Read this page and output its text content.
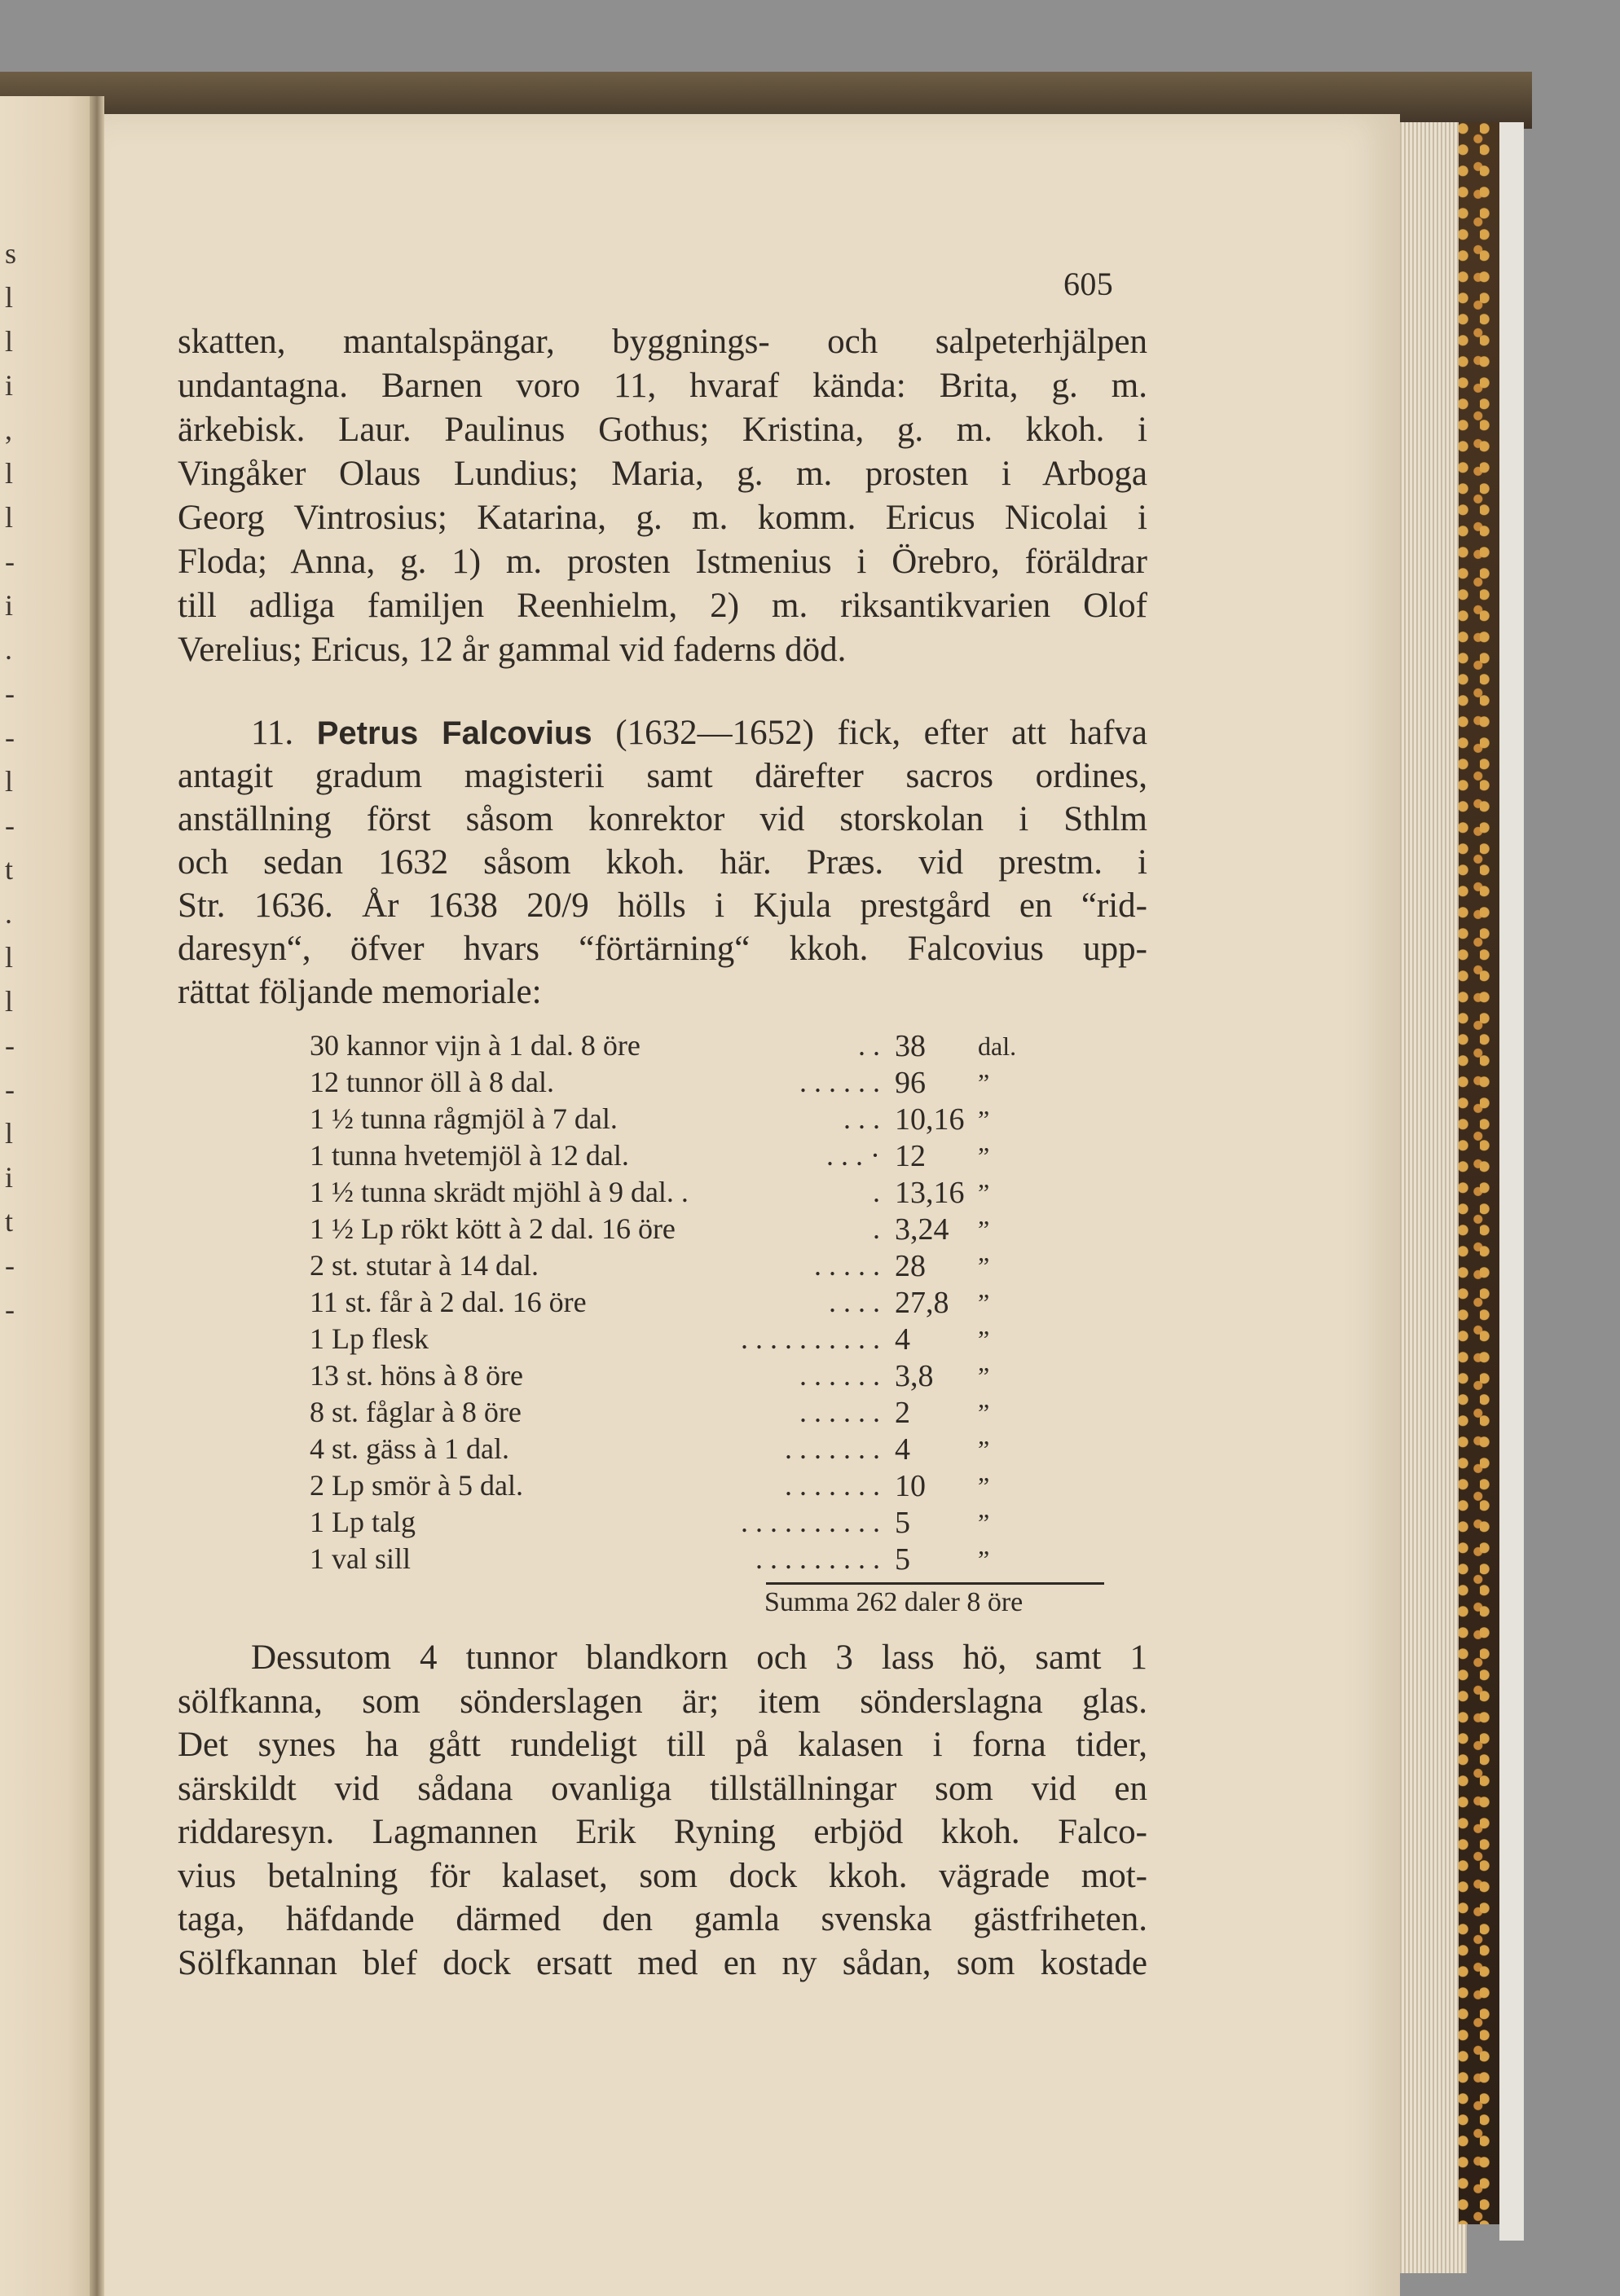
s
l
l
i
,
l
l
-
i
.
-
-
l
-
t
.
l
l
-
-
l
i
t
-
-
605
skatten, mantalspängar, byggnings- och salpeterhjälpen
undantagna. Barnen voro 11, hvaraf kända: Brita, g. m.
ärkebisk. Laur. Paulinus Gothus; Kristina, g. m. kkoh. i
Vingåker Olaus Lundius; Maria, g. m. prosten i Arboga
Georg Vintrosius; Katarina, g. m. komm. Ericus Nicolai i
Floda; Anna, g. 1) m. prosten Istmenius i Örebro, föräldrar
till adliga familjen Reenhielm, 2) m. riksantikvarien Olof
Verelius; Ericus, 12 år gammal vid faderns död.
11. Petrus Falcovius (1632—1652) fick, efter att hafva
antagit gradum magisterii samt därefter sacros ordines,
anställning först såsom konrektor vid storskolan i Sthlm
och sedan 1632 såsom kkoh. här. Præs. vid prestm. i
Str. 1636. År 1638 20/9 hölls i Kjula prestgård en “rid-
daresyn“, öfver hvars “förtärning“ kkoh. Falcovius upp-
rättat följande memoriale:
30 kannor vijn à 1 dal. 8 öre	. . 38 dal.
12 tunnor öll à 8 dal.	. . . . . . 96 ”
1 ½ tunna rågmjöl à 7 dal.	. . . 10,16 ”
1 tunna hvetemjöl à 12 dal.	. . . · 12 ”
1 ½ tunna skrädt mjöhl à 9 dal. .	. 13,16 ”
1 ½ Lp rökt kött à 2 dal. 16 öre	. 3,24 ”
2 st. stutar à 14 dal.	. . . . . 28 ”
11 st. får à 2 dal. 16 öre	. . . . 27,8 ”
1 Lp flesk	. . . . . . . . . . 4	”
13 st. höns à 8 öre	. . . . . . 3,8 ”
8 st. fåglar à 8 öre	. . . . . . 2	”
4 st. gäss à 1 dal.	. . . . . . . 4	”
2 Lp smör à 5 dal.	. . . . . . . 10 ”
1 Lp talg	. . . . . . . . . . 5	”
1 val sill	. . . . . . . . . 5	”
Summa 262 daler 8 öre
Dessutom 4 tunnor blandkorn och 3 lass hö, samt 1
sölfkanna, som sönderslagen är; item sönderslagna glas.
Det synes ha gått rundeligt till på kalasen i forna tider,
särskildt vid sådana ovanliga tillställningar som vid en
riddaresyn. Lagmannen Erik Ryning erbjöd kkoh. Falco-
vius betalning för kalaset, som dock kkoh. vägrade mot-
taga, häfdande därmed den gamla svenska gästfriheten.
Sölfkannan blef dock ersatt med en ny sådan, som kostade
